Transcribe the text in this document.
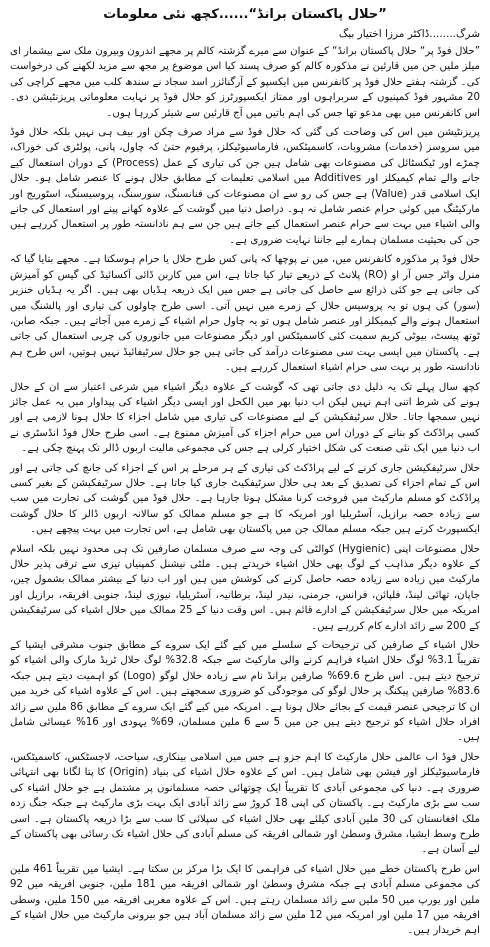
”حلال پاکستان برانڈ“......کچھ نئی معلومات
شرگ........ڈاکٹر مرزا اختیار بیگ

”حلال فوڈ پر“ حلال پاکستان برانڈ“ کے عنوان سے میرے گزشتہ کالم پر مجھے اندرون وبیرون ملک سے بیشمار ای میلز ملیں جن میں قارئین نے مذکورہ کالم کو صرف پسند کیا اس موضوع پر مجھ سے مزید لکھنے کی درخواست کی۔ گزشتہ ہفتے حلال فوڈ پر کانفرنس میں ایکسپو کے آرگنائزر اسد سجاد نے سندھ کلب میں مجھے کراچی کی 20 مشہور فوڈ کمپنیوں کے سربراہوں اور ممتاز ایکسپورٹرز کو حلال فوڈ پر نہایت معلوماتی پریزنٹیشن دی۔ اس کانفرنس میں بھی مدعو تھا جس کی اہم باتیں میں آج قارئین سے شیئر کررہا ہوں۔

پریزنٹیشن میں اس کی وضاحت کی گئی کہ حلال فوڈ سے مراد صرف چکن اور بیف ہی نہیں بلکہ حلال فوڈ میں سروسز (خدمات) مشروبات، کاسمیٹکس، فارماسیوٹیکلز، پرفیوم حتیٰ کہ چاول، پانی، پولٹری کی خوراک، چمڑے اور ٹیکسٹائل کی مصنوعات بھی شامل ہیں جن کی تیاری کے عمل (Process) کے دوران استعمال کیے جانے والے تمام کیمیکلز اور Additives میں اسلامی تعلیمات کے مطابق حلال ہونے کا عنصر شامل ہو۔ حلال ایک اسلامی قدر (Value) ہے جس کی رو سے ان مصنوعات کی فنانسنگ، سورسنگ، پروسیسنگ، اسٹوریج اور مارکیٹنگ میں کوئی حرام عنصر شامل نہ ہو۔ دراصل دنیا میں گوشت کے علاوہ کھانے پینے اور استعمال کی جانے والی اشیاء میں بہت سے حرام عنصر استعمال کیے جاتے ہیں جن سے ہم نادانستہ طور پر استعمال کررہے ہیں جن کی بحیثیت مسلمان ہمارے لیے جاننا نہایت ضروری ہے۔

حلال فوڈ پر مذکورہ کانفرنس میں، میں نے پوچھا کہ پانی کس طرح حلال یا حرام ہوسکتا ہے۔ مجھے بتایا گیا کہ منرل واٹر جس آر او (RO) پلانٹ کے ذریعے تیار کیا جاتا ہے، اس میں کاربن ڈائی آکسائیڈ کی گیس کو آمیزش کی جاتی ہے جو کئی ذرائع سے حاصل کی جاتی ہے جس میں ایک ذریعہ ہڈیاں بھی ہیں۔ اگر یہ ہڈیاں خنزیر (سور) کی ہوں تو یہ پروسیس حلال کے زمرے میں نہیں آتی۔ اسی طرح چاولوں کی تیاری اور پالشنگ میں استعمال ہونے والے کیمیکلز اور عنصر شامل ہوں تو یہ چاول حرام اشیاء کے زمرے میں آجاتے ہیں۔ جبکہ صابن، ٹوتھ پیسٹ، بیوٹی کریم سمیت کئی کاسمیٹکس اور دیگر مصنوعات میں جانوروں کی چربی استعمال کی جاتی ہے۔ پاکستان میں ایسی بہت سی مصنوعات درآمد کی جاتی ہیں جو حلال سرٹیفائیڈ نہیں ہوتیں، اس طرح ہم نادانستہ طور پر بہت سی حرام اشیاء استعمال کررہے ہیں۔

کچھ سال پہلے تک یہ دلیل دی جاتی تھی کہ گوشت کے علاوہ دیگر اشیاء میں شرعی اعتبار سے ان کے حلال ہونے کی شرط اتنی اہم نہیں لیکن اب دنیا بھر میں الکحل اور ایسی دیگر اشیاء کی پیداوار میں یہ عمل جائز نہیں سمجھا جاتا۔ حلال سرٹیفکیشن کے لیے مصنوعات کی تیاری میں شامل اجزاء کا حلال ہونا لازمی ہے اور کسی پراڈکٹ کو بنانے کے دوران اس میں حرام اجزاء کی آمیزش ممنوع ہے۔ اسی طرح حلال فوڈ انڈسٹری نے اب دنیا میں ایک نئی صنعت کی شکل اختیار کرلی ہے جس کی مجموعی مالیت اربوں ڈالر تک پہنچ چکی ہے۔

حلال سرٹیفکیشن جاری کرنے کے لیے پراڈکٹ کی تیاری کے ہر مرحلے پر اس کے اجزاء کی جانچ کی جاتی ہے اور اس کے تمام اجزاء کی تصدیق کے بعد ہی حلال سرٹیفکیٹ جاری کیا جاتا ہے۔ حلال سرٹیفکیشن کے بغیر کسی پراڈکٹ کو مسلم مارکیٹ میں فروخت کرنا مشکل ہوتا جارہا ہے۔ حلال فوڈ میں گوشت کی تجارت میں سب سے زیادہ حصہ برازیل، آسٹریلیا اور امریکہ کا ہے جو مسلم ممالک کو سالانہ اربوں ڈالر کا حلال گوشت ایکسپورٹ کرتے ہیں جبکہ مسلم ممالک جن میں پاکستان بھی شامل ہے، اس تجارت میں بہت پیچھے ہیں۔

حلال مصنوعات اپنی (Hygienic) کوالٹی کی وجہ سے صرف مسلمان صارفین تک ہی محدود نہیں بلکہ اسلام کے علاوہ دیگر مذاہب کے لوگ بھی حلال اشیاء خریدتے ہیں۔ ملٹی نیشنل کمپنیاں تیزی سے ترقی پذیر حلال مارکیٹ میں زیادہ سے زیادہ حصہ حاصل کرنے کی کوشش میں ہیں اور اب دنیا کے بیشتر ممالک بشمول چین، جاپان، تھائی لینڈ، فلپائن، فرانس، جرمنی، نیدر لینڈ، برطانیہ، آسٹریلیا، نیوزی لینڈ، جنوبی افریقہ، برازیل اور امریکہ میں حلال سرٹیفکیشن کے ادارے قائم ہیں۔ اس وقت دنیا کے 25 ممالک میں حلال اشیاء کی سرٹیفکیشن کے 200 سے زائد ادارے کام کررہے ہیں۔

حلال اشیاء کے صارفین کی ترجیحات کے سلسلے میں کیے گئے ایک سروے کے مطابق جنوب مشرقی ایشیا کے تقریباً 3.1% لوگ حلال اشیاء فراہم کرنے والی مارکیٹ سے جبکہ 32.8% لوگ حلال ٹریڈ مارک والی اشیاء کو ترجیح دیتے ہیں۔ اس طرح 69.6% صارفین برانڈ نام سے زیادہ حلال لوگو (Logo) کو اہمیت دیتے ہیں جبکہ 83.6% صارفین پیکنگ پر حلال لوگو کی موجودگی کو ضروری سمجھتے ہیں۔ اس کے علاوہ اشیاء کی خرید میں ان کا ترجیحی عنصر قیمت کے بجائے حلال ہونا ہے۔ امریکہ میں کیے گئے ایک سروے کے مطابق 86 ملین سے زائد افراد حلال اشیاء کو ترجیح دیتے ہیں جن میں 5 سے 6 ملین مسلمان، 69% یہودی اور 16% عیسائی شامل ہیں۔

حلال فوڈ اب عالمی حلال مارکیٹ کا اہم جزو ہے جس میں اسلامی بینکاری، سیاحت، لاجسٹکس، کاسمیٹکس، فارماسیوٹیکلز اور فیشن بھی شامل ہیں۔ اس کے علاوہ حلال اشیاء کی بنیاد (Origin) کا پتا لگانا بھی انتہائی ضروری ہے۔ دنیا کی مجموعی آبادی کا تقریباً ایک چوتھائی حصہ مسلمانوں پر مشتمل ہے جو حلال اشیاء کی سب سے بڑی مارکیٹ ہے۔ پاکستان کی اپنی 18 کروڑ سے زائد آبادی ایک بہت بڑی مارکیٹ ہے جبکہ جنگ زدہ ملک افغانستان کی 30 ملین آبادی کیلئے بھی حلال اشیاء کی سپلائی کا سب سے بڑا ذریعہ پاکستان ہے۔ اسی طرح وسط ایشیا، مشرق وسطیٰ اور شمالی افریقہ کی مسلم آبادی کی حلال اشیاء تک رسائی بھی پاکستان کے لیے آسان ہے۔

اس طرح پاکستان خطے میں حلال اشیاء کی فراہمی کا ایک بڑا مرکز بن سکتا ہے۔ ایشیا میں تقریباً 461 ملین کی مجموعی مسلم آبادی ہے جبکہ مشرق وسطیٰ اور شمالی افریقہ میں 181 ملین، جنوبی افریقہ میں 92 ملین اور یورپ میں 50 ملین سے زائد مسلمان رہتے ہیں۔ اس کے علاوہ مغربی افریقہ میں 150 ملین، وسطی افریقہ میں 17 ملین اور امریکہ میں 12 ملین سے زائد مسلمان آباد ہیں جو بیرونی مارکیٹ میں حلال اشیاء کے اہم خریدار ہیں۔
